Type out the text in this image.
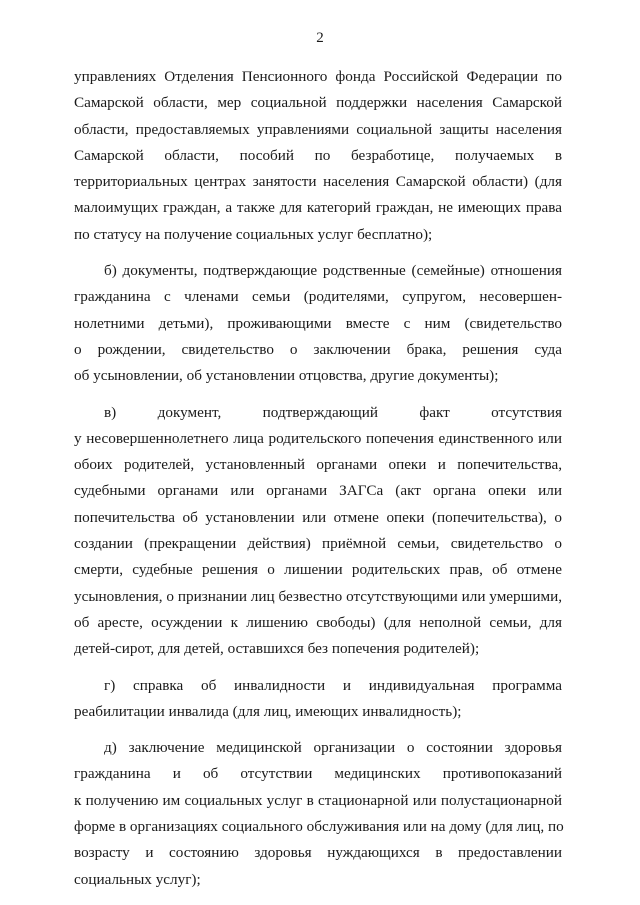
2
управлениях Отделения Пенсионного фонда Российской Федерации по
Самарской области, мер социальной поддержки населения Самарской
области, предоставляемых управлениями социальной защиты населения
Самарской области, пособий по безработице, получаемых в
территориальных центрах занятости населения Самарской области) (для
малоимущих граждан, а также для категорий граждан, не имеющих права
по статусу на получение социальных услуг бесплатно);
б) документы, подтверждающие родственные (семейные) отношения
гражданина с членами семьи (родителями, супругом, несовершен-
нолетними детьми), проживающими вместе с ним (свидетельство
о рождении, свидетельство о заключении брака, решения суда
об усыновлении, об установлении отцовства, другие документы);
в) документ, подтверждающий факт отсутствия
у несовершеннолетнего лица родительского попечения единственного или
обоих родителей, установленный органами опеки и попечительства,
судебными органами или органами ЗАГСа (акт органа опеки или
попечительства об установлении или отмене опеки (попечительства), о
создании (прекращении действия) приёмной семьи, свидетельство о
смерти, судебные решения о лишении родительских прав, об отмене
усыновления, о признании лиц безвестно отсутствующими или умершими,
об аресте, осуждении к лишению свободы) (для неполной семьи, для
детей-сирот, для детей, оставшихся без попечения родителей);
г) справка об инвалидности и индивидуальная программа
реабилитации инвалида (для лиц, имеющих инвалидность);
д) заключение медицинской организации о состоянии здоровья
гражданина и об отсутствии медицинских противопоказаний
к получению им социальных услуг в стационарной или полустационарной
форме в организациях социального обслуживания или на дому (для лиц, по
возрасту и состоянию здоровья нуждающихся в предоставлении
социальных услуг);
